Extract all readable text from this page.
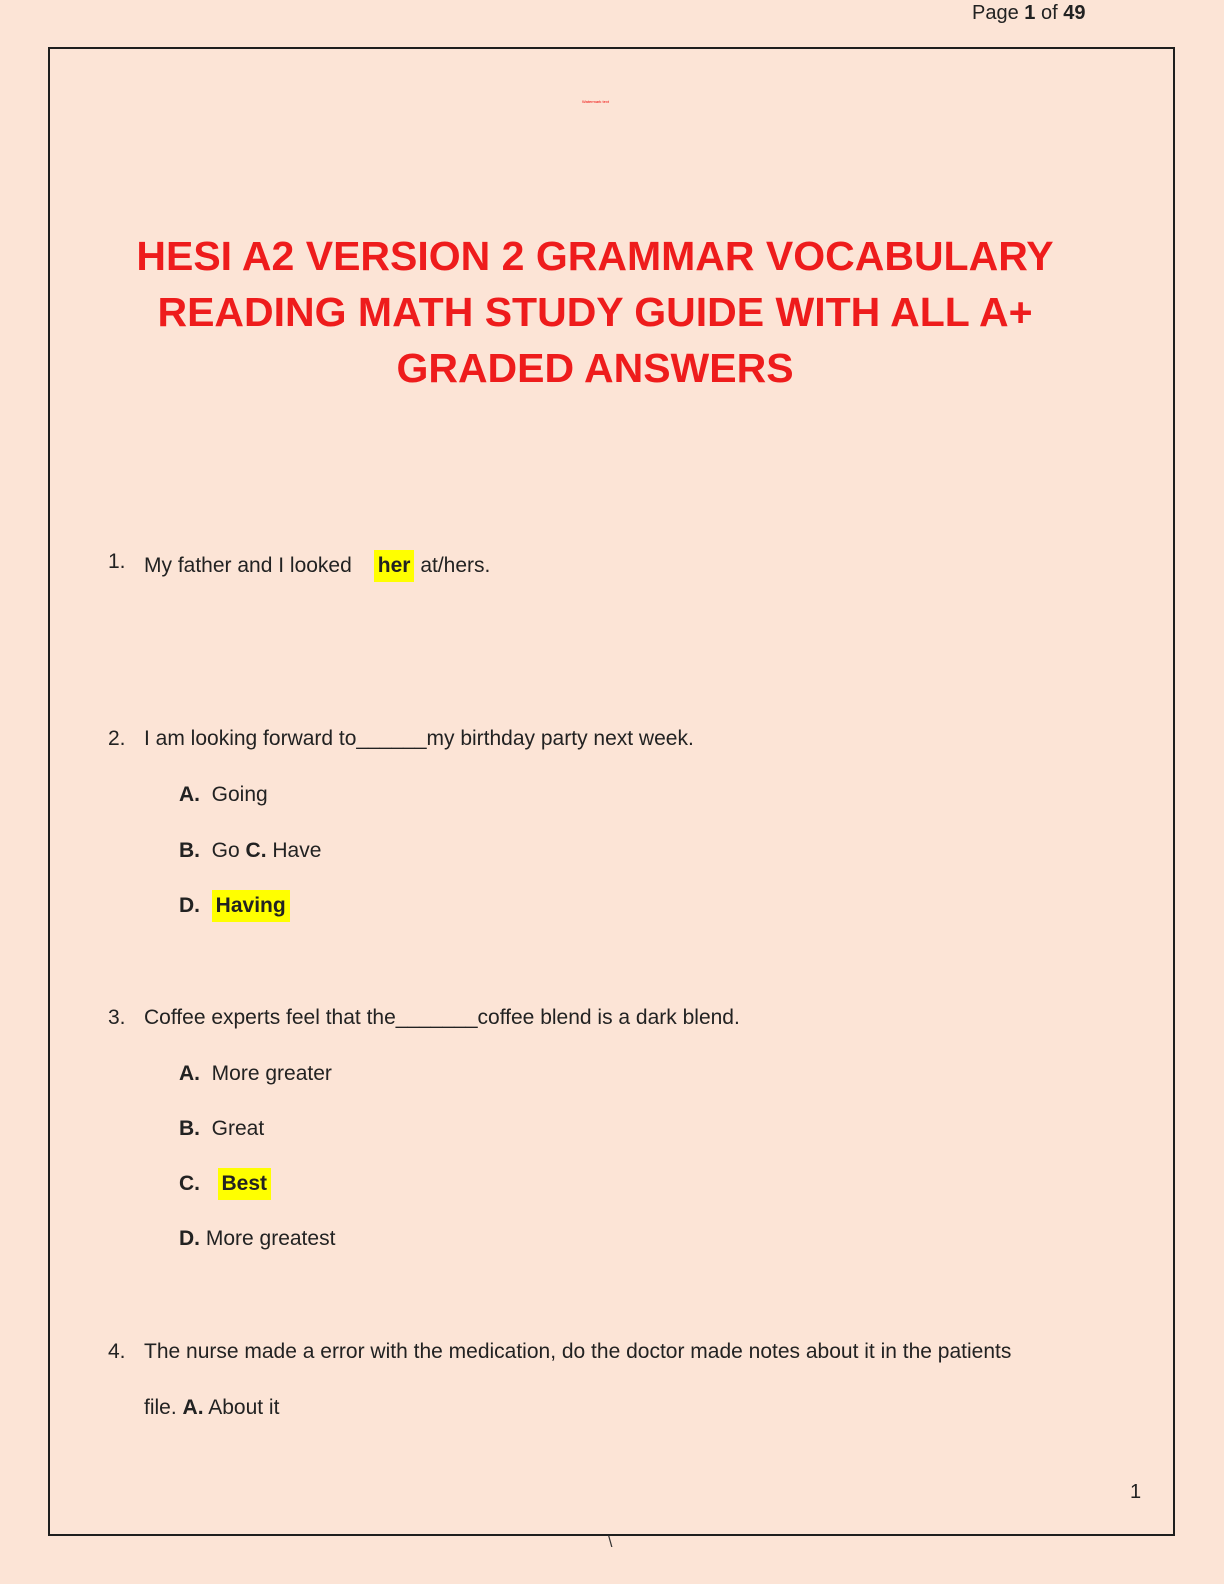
Page 1 of 49
Watermark text
HESI A2 VERSION 2 GRAMMAR VOCABULARY
READING MATH STUDY GUIDE WITH ALL A+
GRADED ANSWERS
1. My father and I looked her at/hers.
2. I am looking forward to______my birthday party next week.
A. Going
B. Go C. Have
D. Having
3. Coffee experts feel that the_______coffee blend is a dark blend.
A. More greater
B. Great
C. Best
D. More greatest
4. The nurse made a error with the medication, do the doctor made notes about it in the patients
file. A. About it
1
\
